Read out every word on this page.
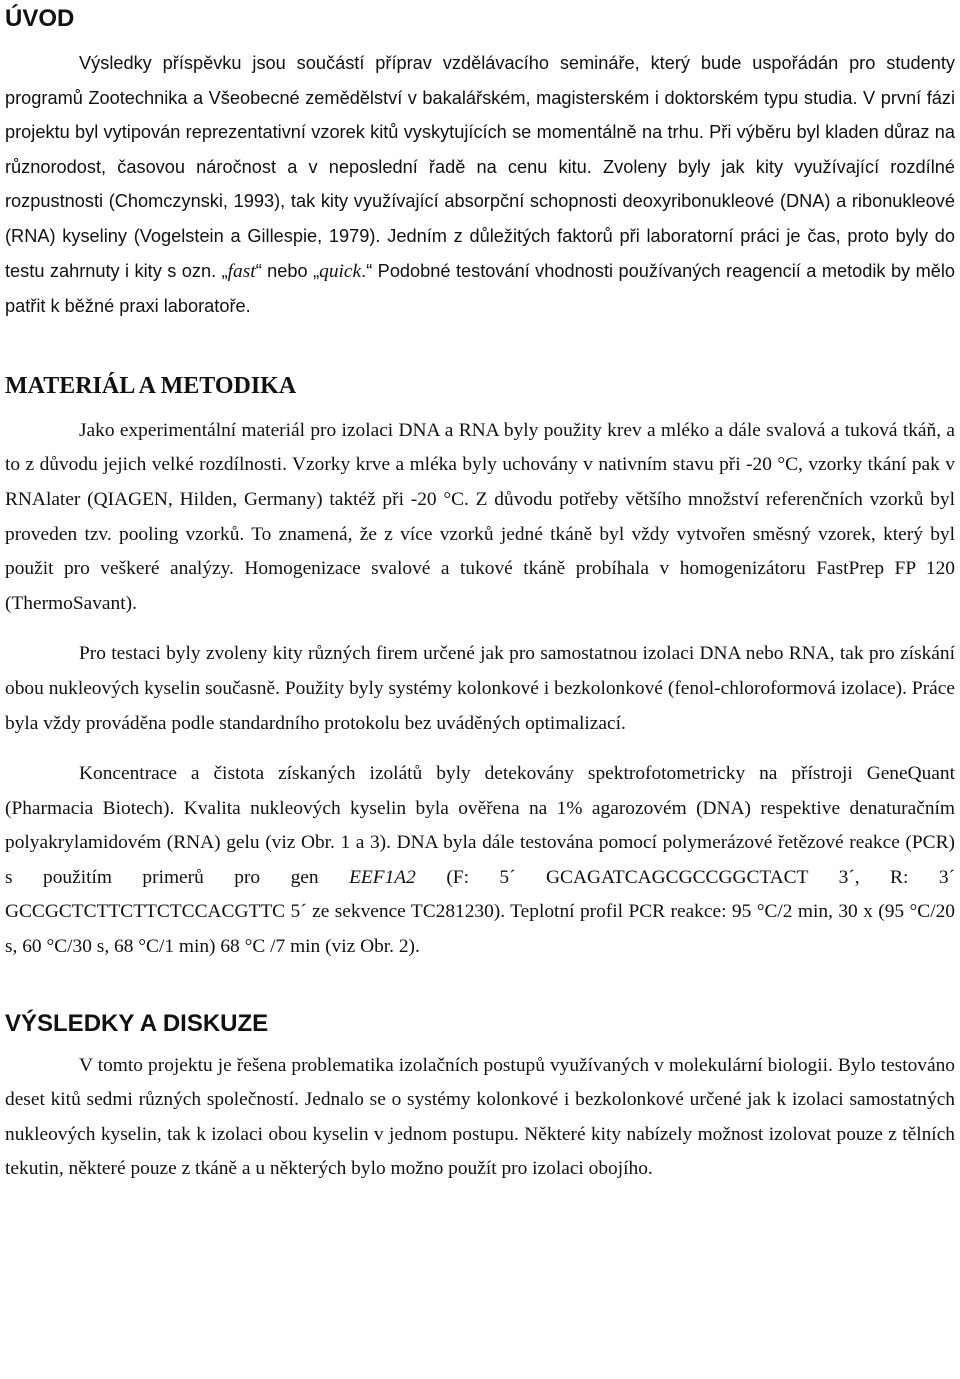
ÚVOD

Výsledky příspěvku jsou součástí příprav vzdělávacího semináře, který bude uspořádán pro studenty programů Zootechnika a Všeobecné zemědělství v bakalářském, magisterském i doktorském typu studia. V první fázi projektu byl vytipován reprezentativní vzorek kitů vyskytujících se momentálně na trhu. Při výběru byl kladen důraz na různorodost, časovou náročnost a v neposlední řadě na cenu kitu. Zvoleny byly jak kity využívající rozdílné rozpustnosti (Chomczynski, 1993), tak kity využívající absorpční schopnosti deoxyribonukleové (DNA) a ribonukleové (RNA) kyseliny (Vogelstein a Gillespie, 1979). Jedním z důležitých faktorů při laboratorní práci je čas, proto byly do testu zahrnuty i kity s ozn. „fast“ nebo „quick.“ Podobné testování vhodnosti používaných reagencií a metodik by mělo patřit k běžné praxi laboratoře.

MATERIÁL A METODIKA

Jako experimentální materiál pro izolaci DNA a RNA byly použity krev a mléko a dále svalová a tuková tkáň, a to z důvodu jejich velké rozdílnosti. Vzorky krve a mléka byly uchovány v nativním stavu při -20 °C, vzorky tkání pak v RNAlater (QIAGEN, Hilden, Germany) taktéž při -20 °C. Z důvodu potřeby většího množství referenčních vzorků byl proveden tzv. pooling vzorků. To znamená, že z více vzorků jedné tkáně byl vždy vytvořen směsný vzorek, který byl použit pro veškeré analýzy. Homogenizace svalové a tukové tkáně probíhala v homogenizátoru FastPrep FP 120 (ThermoSavant).

Pro testaci byly zvoleny kity různých firem určené jak pro samostatnou izolaci DNA nebo RNA, tak pro získání obou nukleových kyselin současně. Použity byly systémy kolonkové i bezkolonkové (fenol-chloroformová izolace). Práce byla vždy prováděna podle standardního protokolu bez uváděných optimalizací.

Koncentrace a čistota získaných izolátů byly detekovány spektrofotometricky na přístroji GeneQuant (Pharmacia Biotech). Kvalita nukleových kyselin byla ověřena na 1% agarozovém (DNA) respektive denaturačním polyakrylamidovém (RNA) gelu (viz Obr. 1 a 3). DNA byla dále testována pomocí polymerázové řetězové reakce (PCR) s použitím primerů pro gen EEF1A2 (F: 5´ GCAGATCAGCGCCGGCTACT 3´, R: 3´ GCCGCTCTTCTTCTCCACGTTC 5´ ze sekvence TC281230). Teplotní profil PCR reakce: 95 °C/2 min, 30 x (95 °C/20 s, 60 °C/30 s, 68 °C/1 min) 68 °C /7 min (viz Obr. 2).

VÝSLEDKY A DISKUZE

V tomto projektu je řešena problematika izolačních postupů využívaných v molekulární biologii. Bylo testováno deset kitů sedmi různých společností. Jednalo se o systémy kolonkové i bezkolonkové určené jak k izolaci samostatných nukleových kyselin, tak k izolaci obou kyselin v jednom postupu. Některé kity nabízely možnost izolovat pouze z tělních tekutin, některé pouze z tkáně a u některých bylo možno použít pro izolaci obojího.
